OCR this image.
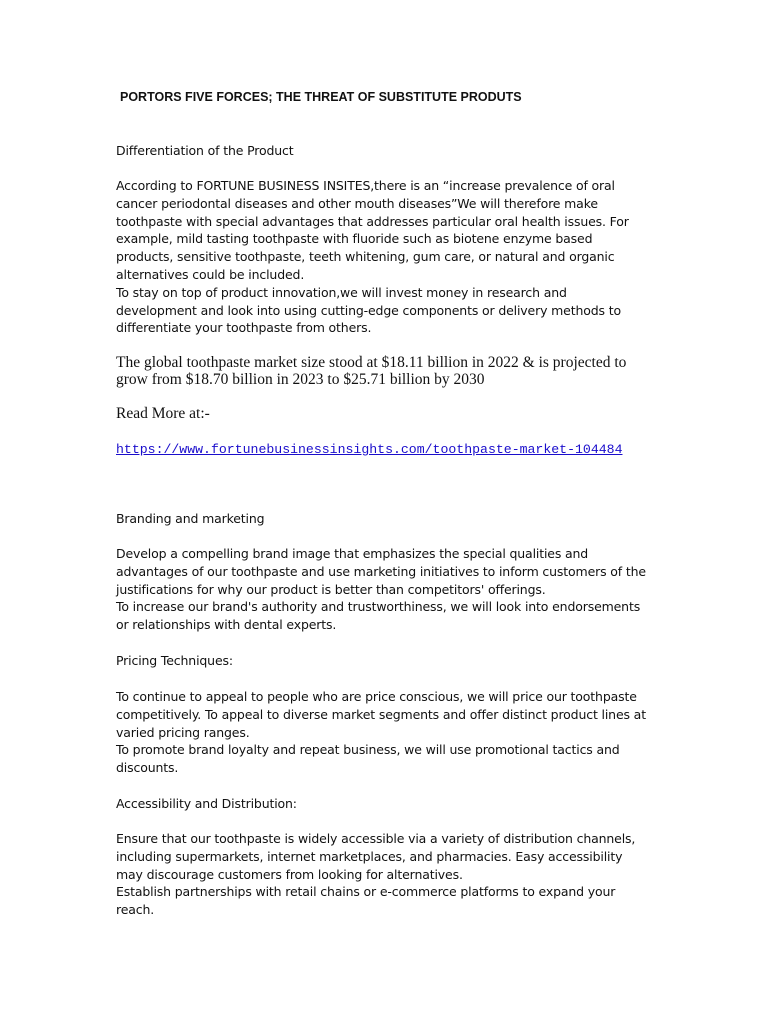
PORTORS FIVE FORCES; THE THREAT OF SUBSTITUTE PRODUTS

Differentiation of the Product

According to FORTUNE BUSINESS INSITES,there is an “increase prevalence of oral cancer periodontal diseases and other mouth diseases”We will therefore make toothpaste with special advantages that addresses particular oral health issues. For example, mild tasting toothpaste with fluoride such as biotene enzyme based products, sensitive toothpaste, teeth whitening, gum care, or natural and organic alternatives could be included.

To stay on top of product innovation,we will invest money in research and development and look into using cutting-edge components or delivery methods to differentiate your toothpaste from others.

The global toothpaste market size stood at $18.11 billion in 2022 & is projected to grow from $18.70 billion in 2023 to $25.71 billion by 2030

Read More at:-

https://www.fortunebusinessinsights.com/toothpaste-market-104484

Branding and marketing

Develop a compelling brand image that emphasizes the special qualities and advantages of our toothpaste and use marketing initiatives to inform customers of the justifications for why our product is better than competitors' offerings.

To increase our brand's authority and trustworthiness, we will look into endorsements or relationships with dental experts.

Pricing Techniques:

To continue to appeal to people who are price conscious, we will price our toothpaste competitively. To appeal to diverse market segments and offer distinct product lines at varied pricing ranges.

To promote brand loyalty and repeat business, we will use promotional tactics and discounts.

Accessibility and Distribution:

Ensure that our toothpaste is widely accessible via a variety of distribution channels, including supermarkets, internet marketplaces, and pharmacies. Easy accessibility may discourage customers from looking for alternatives.

Establish partnerships with retail chains or e-commerce platforms to expand your reach.
